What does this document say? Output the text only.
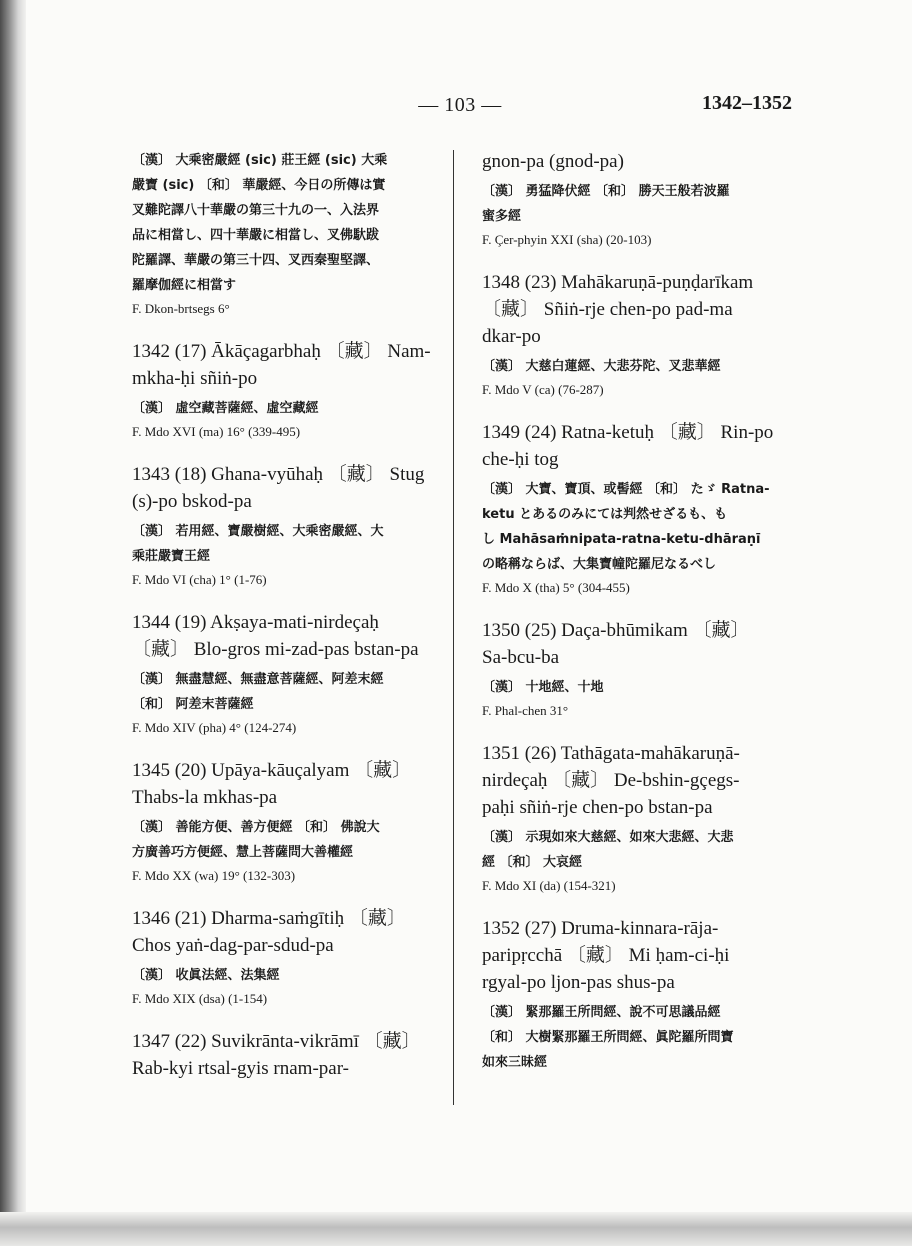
— 103 —	1342–1352
〔漢〕 大乘密嚴經 (sic) 莊王經 (sic) 大乘
嚴寶 (sic) 〔和〕 華嚴經、今日の所傳は實
叉難陀譯八十華嚴の第三十九の一、入法界
品に相當し、四十華嚴に相當し、叉佛馱跋
陀羅譯、華嚴の第三十四、叉西秦聖堅譯、
羅摩伽經に相當す
F. Dkon-brtsegs 6°
1342 (17) Ākāçagarbhaḥ 〔藏〕 Nam-
mkha-ḥi sñiṅ-po
〔漢〕 虛空藏菩薩經、虛空藏經
F. Mdo XVI (ma) 16° (339-495)
1343 (18) Ghana-vyūhaḥ 〔藏〕 Stug
(s)-po bskod-pa
〔漢〕 若用經、寶嚴樹經、大乘密嚴經、大
乘莊嚴寶王經
F. Mdo VI (cha) 1° (1-76)
1344 (19) Akṣaya-mati-nirdeçaḥ
〔藏〕 Blo-gros mi-zad-pas bstan-pa
〔漢〕 無盡慧經、無盡意菩薩經、阿差末經
〔和〕 阿差末菩薩經
F. Mdo XIV (pha) 4° (124-274)
1345 (20) Upāya-kāuçalyam 〔藏〕
Thabs-la mkhas-pa
〔漢〕 善能方便、善方便經 〔和〕 佛說大
方廣善巧方便經、慧上菩薩問大善權經
F. Mdo XX (wa) 19° (132-303)
1346 (21) Dharma-saṁgītiḥ 〔藏〕
Chos yaṅ-dag-par-sdud-pa
〔漢〕 收眞法經、法集經
F. Mdo XIX (dsa) (1-154)
1347 (22) Suvikrānta-vikrāmī 〔藏〕
Rab-kyi rtsal-gyis rnam-par-
gnon-pa (gnod-pa)
〔漢〕 勇猛降伏經 〔和〕 勝天王般若波羅
蜜多經
F. Çer-phyin XXI (sha) (20-103)
1348 (23) Mahākaruṇā-puṇḍarīkam
〔藏〕 Sñiṅ-rje chen-po pad-ma
dkar-po
〔漢〕 大慈白蓮經、大悲芬陀、叉悲華經
F. Mdo V (ca) (76-287)
1349 (24) Ratna-ketuḥ 〔藏〕 Rin-po
che-ḥi tog
〔漢〕 大寶、寶頂、或髻經 〔和〕 たゞ Ratna-
ketu とあるのみにては判然せざるも、も
し Mahāsaṁnipata-ratna-ketu-dhāraṇī
の略稱ならば、大集寶幢陀羅尼なるべし
F. Mdo X (tha) 5° (304-455)
1350 (25) Daça-bhūmikam 〔藏〕
Sa-bcu-ba
〔漢〕 十地經、十地
F. Phal-chen 31°
1351 (26) Tathāgata-mahākaruṇā-
nirdeçaḥ 〔藏〕 De-bshin-gçegs-
paḥi sñiṅ-rje chen-po bstan-pa
〔漢〕 示現如來大慈經、如來大悲經、大悲
經 〔和〕 大哀經
F. Mdo XI (da) (154-321)
1352 (27) Druma-kinnara-rāja-
paripṛcchā 〔藏〕 Mi ḥam-ci-ḥi
rgyal-po ljon-pas shus-pa
〔漢〕 緊那羅王所問經、說不可思議品經
〔和〕 大樹緊那羅王所問經、眞陀羅所問寶
如來三昧經
